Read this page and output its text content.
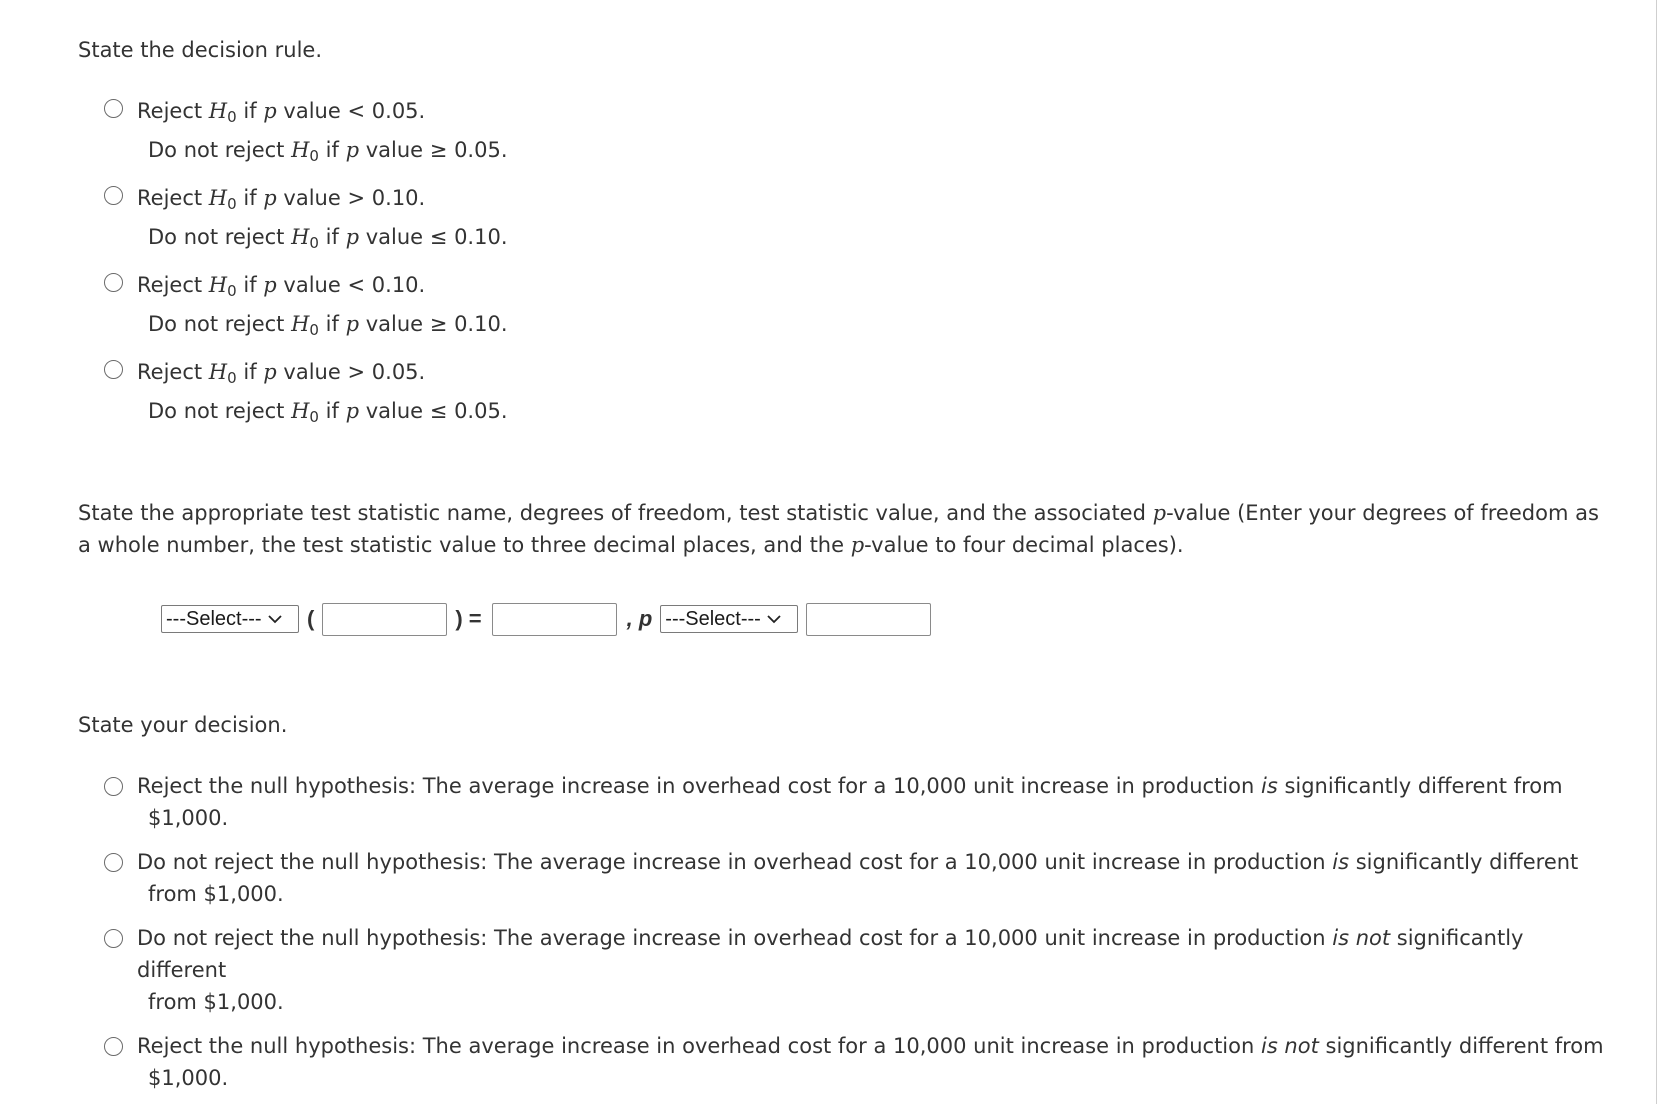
State the decision rule.

Reject $H_0$ if p value < 0.05.
Do not reject $H_0$ if p value ≥ 0.05.
Reject $H_0$ if p value > 0.10.
Do not reject $H_0$ if p value ≤ 0.10.
Reject $H_0$ if p value < 0.10.
Do not reject $H_0$ if p value ≥ 0.10.
Reject $H_0$ if p value > 0.05.
Do not reject $H_0$ if p value ≤ 0.05.

State the appropriate test statistic name, degrees of freedom, test statistic value, and the associated p-value (Enter your degrees of freedom as a whole number, the test statistic value to three decimal places, and the p-value to four decimal places).

---Select--- (	) =	, p ---Select---

State your decision.

Reject the null hypothesis: The average increase in overhead cost for a 10,000 unit increase in production is significantly different from
$1,000.
Do not reject the null hypothesis: The average increase in overhead cost for a 10,000 unit increase in production is significantly different
from $1,000.
Do not reject the null hypothesis: The average increase in overhead cost for a 10,000 unit increase in production is not significantly different
from $1,000.
Reject the null hypothesis: The average increase in overhead cost for a 10,000 unit increase in production is not significantly different from
$1,000.
